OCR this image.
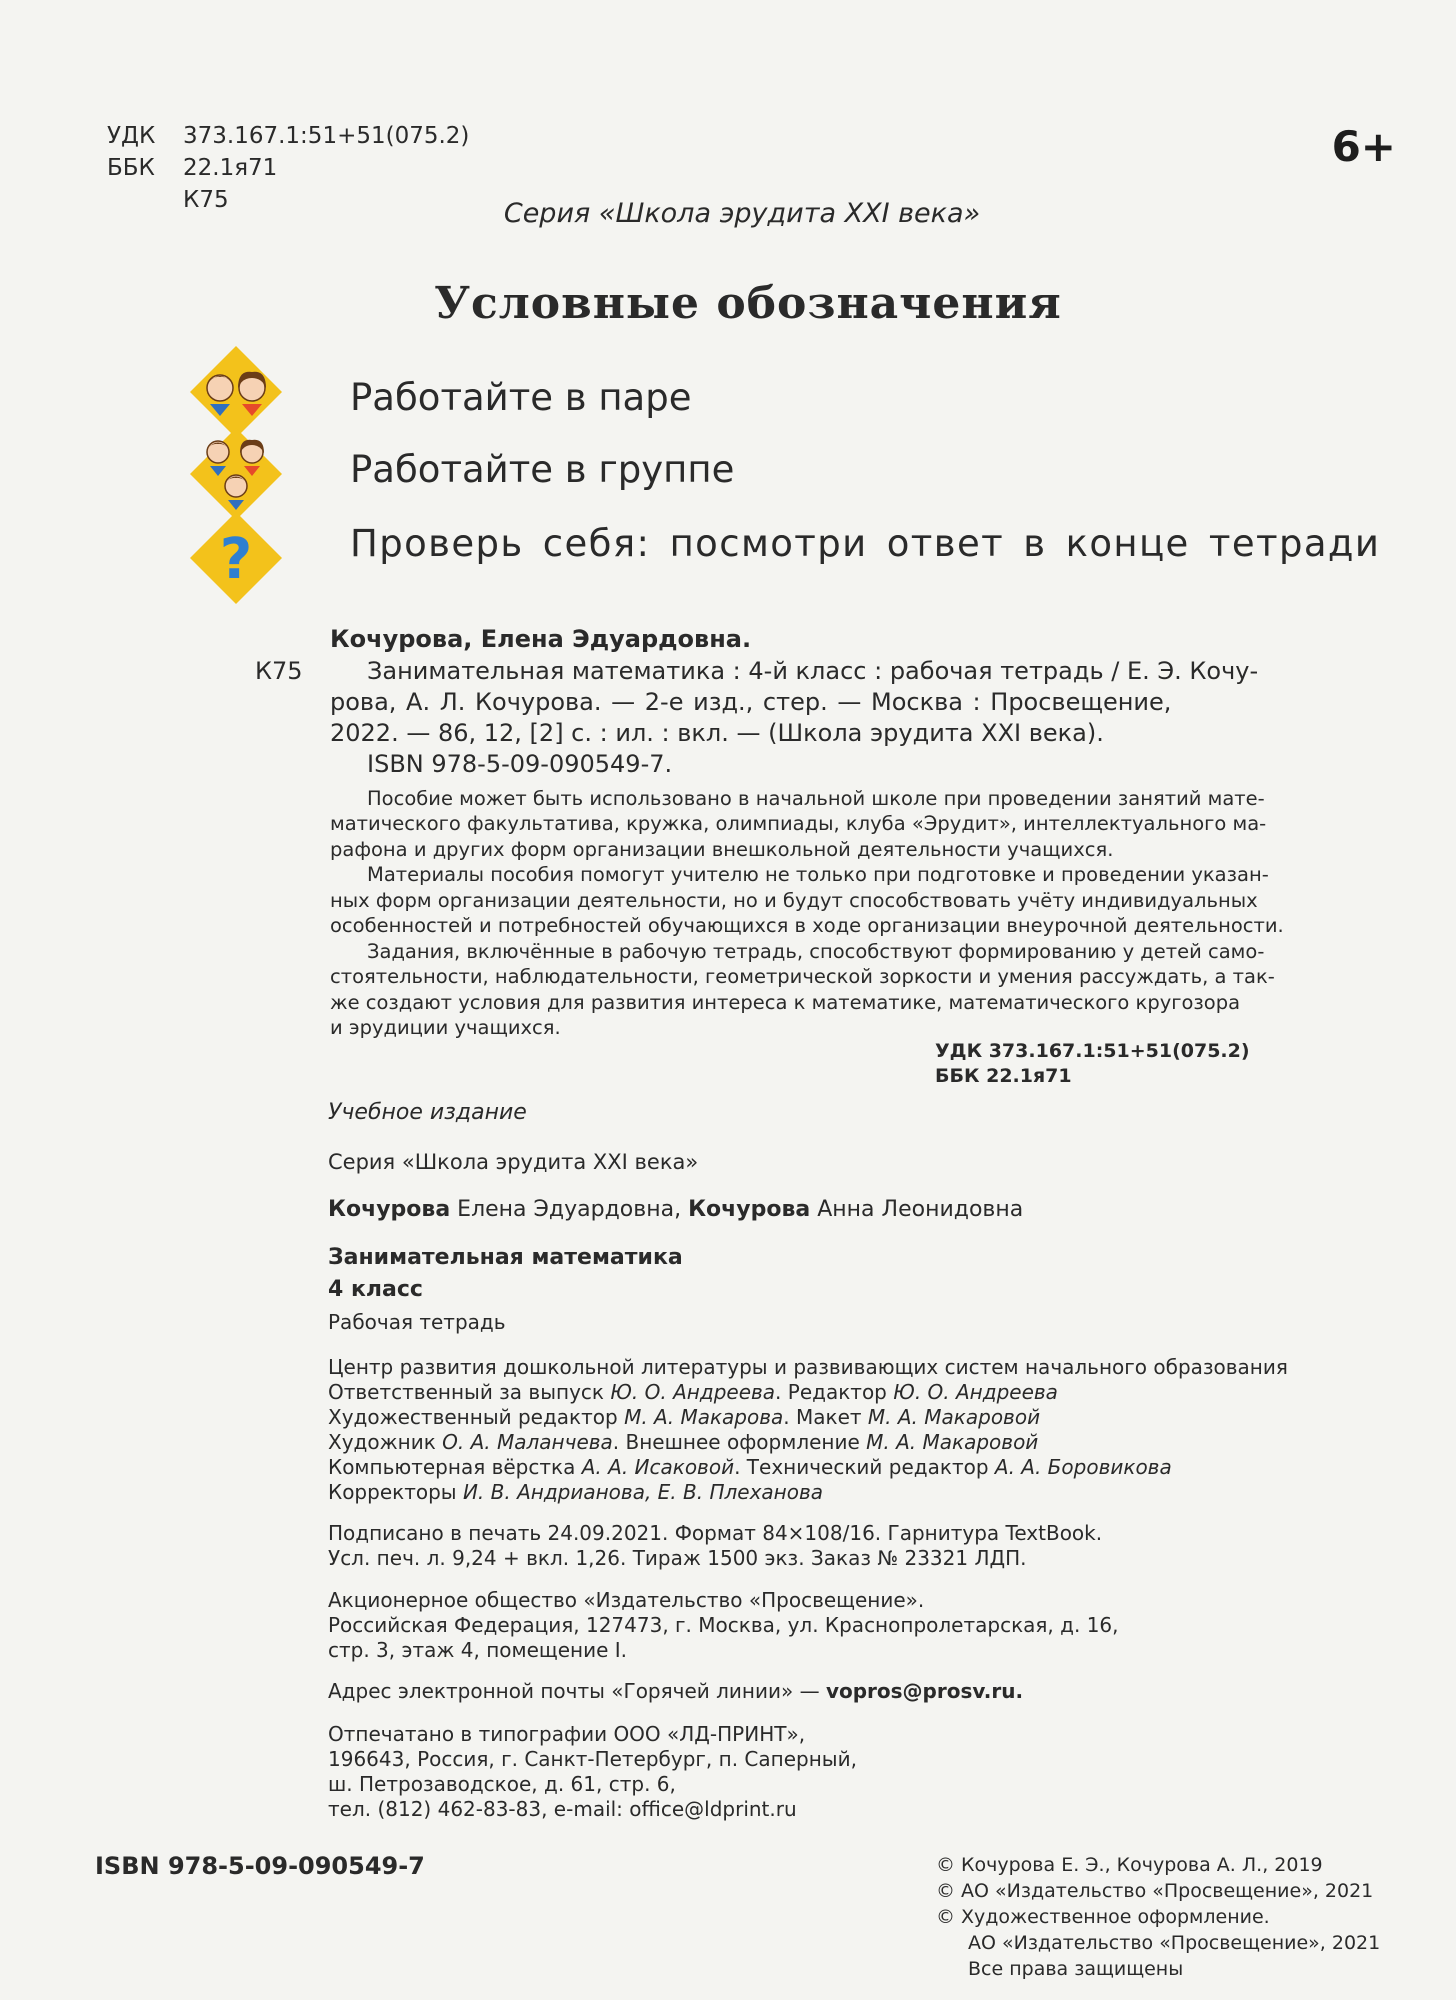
УДК 373.167.1:51+51(075.2)
ББК 22.1я71
К75
6+
Серия «Школа эрудита XXI века»
Условные обозначения
?
Работайте в паре
Работайте в группе
Проверь себя: посмотри ответ в конце тетради
Кочурова, Елена Эдуардовна.
К75	Занимательная математика : 4-й класс : рабочая тетрадь / Е. Э. Кочу-
рова, А. Л. Кочурова. — 2-е изд., стер. — Москва : Просвещение,
2022. — 86, 12, [2] с. : ил. : вкл. — (Школа эрудита XXI века).
ISBN 978-5-09-090549-7.
Пособие может быть использовано в начальной школе при проведении занятий мате-
матического факультатива, кружка, олимпиады, клуба «Эрудит», интеллектуального ма-
рафона и других форм организации внешкольной деятельности учащихся.
Материалы пособия помогут учителю не только при подготовке и проведении указан-
ных форм организации деятельности, но и будут способствовать учёту индивидуальных
особенностей и потребностей обучающихся в ходе организации внеурочной деятельности.
Задания, включённые в рабочую тетрадь, способствуют формированию у детей само-
стоятельности, наблюдательности, геометрической зоркости и умения рассуждать, а так-
же создают условия для развития интереса к математике, математического кругозора
и эрудиции учащихся.
УДК 373.167.1:51+51(075.2)
ББК 22.1я71
Учебное издание
Серия «Школа эрудита XXI века»
Кочурова Елена Эдуардовна, Кочурова Анна Леонидовна
Занимательная математика
4 класс
Рабочая тетрадь
Центр развития дошкольной литературы и развивающих систем начального образования
Ответственный за выпуск Ю. О. Андреева. Редактор Ю. О. Андреева
Художественный редактор М. А. Макарова. Макет М. А. Макаровой
Художник О. А. Маланчева. Внешнее оформление М. А. Макаровой
Компьютерная вёрстка А. А. Исаковой. Технический редактор А. А. Боровикова
Корректоры И. В. Андрианова, Е. В. Плеханова
Подписано в печать 24.09.2021. Формат 84×108/16. Гарнитура TextBook.
Усл. печ. л. 9,24 + вкл. 1,26. Тираж 1500 экз. Заказ № 23321 ЛДП.
Акционерное общество «Издательство «Просвещение».
Российская Федерация, 127473, г. Москва, ул. Краснопролетарская, д. 16,
стр. 3, этаж 4, помещение I.
Адрес электронной почты «Горячей линии» — vopros@prosv.ru.
Отпечатано в типографии ООО «ЛД-ПРИНТ»,
196643, Россия, г. Санкт-Петербург, п. Саперный,
ш. Петрозаводское, д. 61, стр. 6,
тел. (812) 462-83-83, e-mail: office@ldprint.ru
ISBN 978-5-09-090549-7	© Кочурова Е. Э., Кочурова А. Л., 2019
© АО «Издательство «Просвещение», 2021
© Художественное оформление.
АО «Издательство «Просвещение», 2021
Все права защищены
